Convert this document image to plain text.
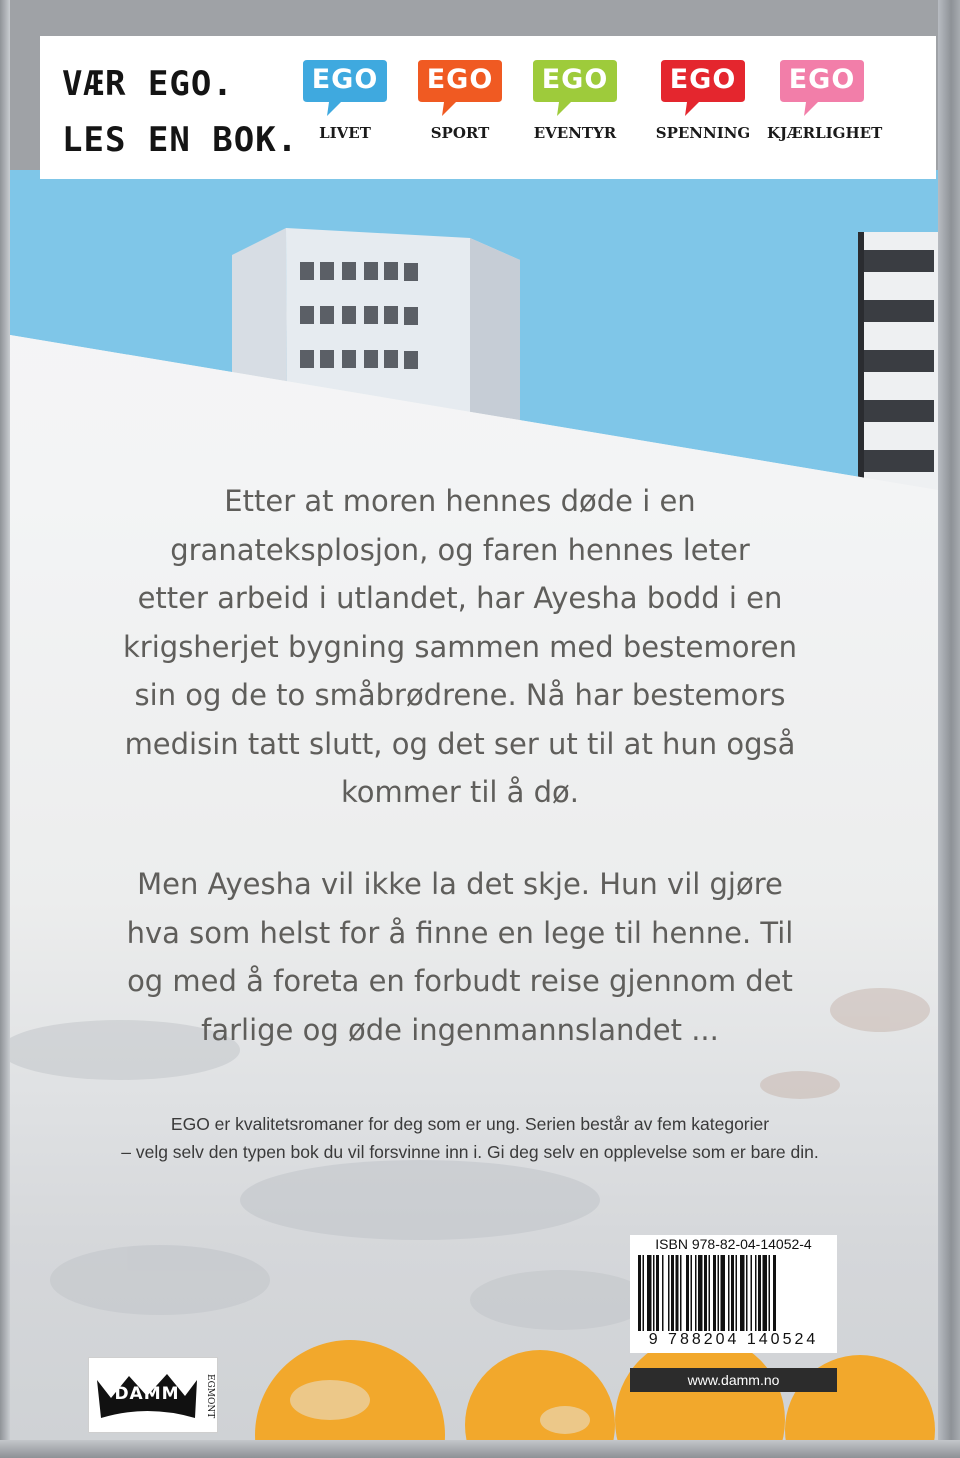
VÆR EGO.
LES EN BOK.
EGO
LIVET
EGO
SPORT
EGO
EVENTYR
EGO
SPENNING
EGO
KJÆRLIGHET
Etter at moren hennes døde i en
granateksplosjon, og faren hennes leter
etter arbeid i utlandet, har Ayesha bodd i en
krigsherjet bygning sammen med bestemoren
sin og de to småbrødrene. Nå har bestemors
medisin tatt slutt, og det ser ut til at hun også
kommer til å dø.
Men Ayesha vil ikke la det skje. Hun vil gjøre
hva som helst for å finne en lege til henne. Til
og med å foreta en forbudt reise gjennom det
farlige og øde ingenmannslandet ...
EGO er kvalitetsromaner for deg som er ung. Serien består av fem kategorier
– velg selv den typen bok du vil forsvinne inn i. Gi deg selv en opplevelse som er bare din.
ISBN 978-82-04-14052-4
9 788204 140524
www.damm.no
DAMM	EGMONT
